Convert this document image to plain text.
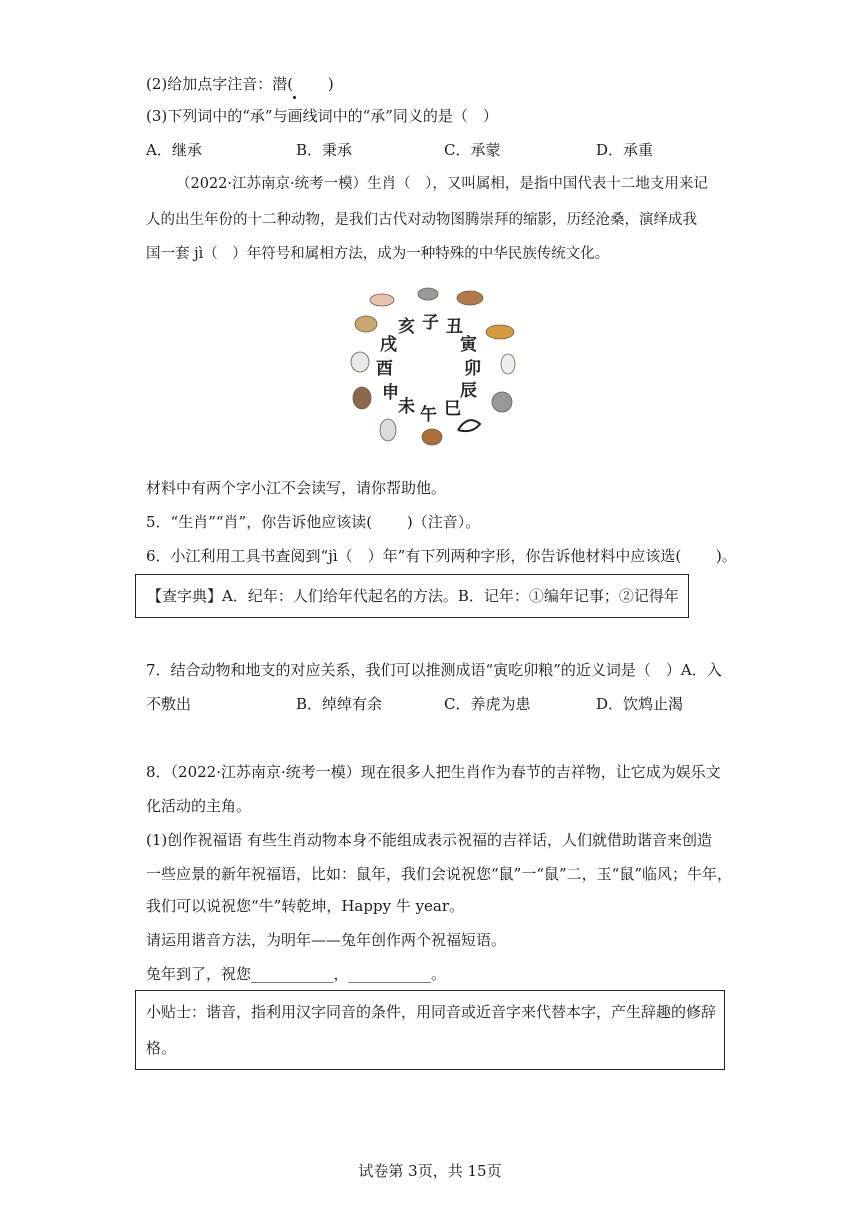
(2)给加点字注音：潜(　　 )
(3)下列词中的“承”与画线词中的“承”同义的是（　）
A．继承	B．秉承	C．承蒙	D．承重
（2022·江苏南京·统考一模）生肖（　），又叫属相，是指中国代表十二地支用来记
人的出生年份的十二种动物，是我们古代对动物图腾崇拜的缩影，历经沧桑，演绎成我
国一套 jì（　）年符号和属相方法，成为一种特殊的中华民族传统文化。
子 丑
寅
卯
辰
巳
午
未
申
酉
戌
亥
材料中有两个字小江不会读写，请你帮助他。
5．“生肖”“肖”，你告诉他应该读(　　 )（注音）。
6．小江利用工具书查阅到“jì（　）年”有下列两种字形，你告诉他材料中应该选(　　 )。
【查字典】A．纪年：人们给年代起名的方法。B．记年：①编年记事；②记得年
7．结合动物和地支的对应关系，我们可以推测成语“寅吃卯粮”的近义词是（　）A．入
不敷出	B．绰绰有余	C．养虎为患	D．饮鸩止渴
8．（2022·江苏南京·统考一模）现在很多人把生肖作为春节的吉祥物，让它成为娱乐文
化活动的主角。
(1)创作祝福语 有些生肖动物本身不能组成表示祝福的吉祥话，人们就借助谐音来创造
一些应景的新年祝福语，比如：鼠年，我们会说祝您“鼠”一“鼠”二，玉“鼠”临风；牛年，
我们可以说祝您“牛”转乾坤，Happy 牛 year。
请运用谐音方法，为明年——兔年创作两个祝福短语。
兔年到了，祝您___________，___________。
小贴士：谐音，指利用汉字同音的条件，用同音或近音字来代替本字，产生辞趣的修辞
格。
试卷第 3页，共 15页
